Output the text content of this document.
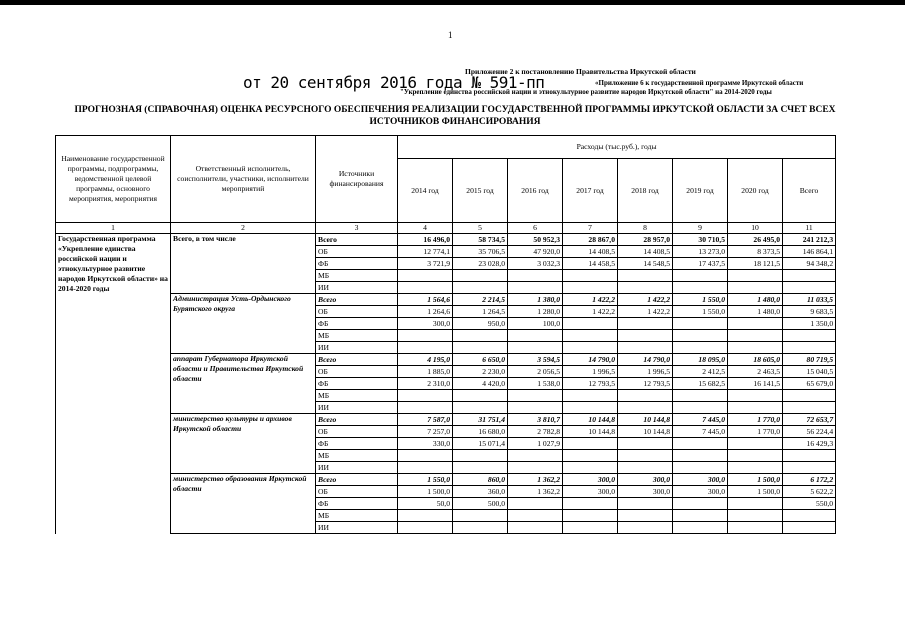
1
Приложение 2 к постановлению Правительства Иркутской области
от 20 сентября 2016 года № 591-пп	«Приложение 6 к государственной программе Иркутской области
"Укрепление единства российской нации и этнокультурное развитие народов Иркутской области" на 2014-2020 годы
ПРОГНОЗНАЯ (СПРАВОЧНАЯ) ОЦЕНКА РЕСУРСНОГО ОБЕСПЕЧЕНИЯ РЕАЛИЗАЦИИ ГОСУДАРСТВЕННОЙ ПРОГРАММЫ ИРКУТСКОЙ ОБЛАСТИ ЗА СЧЕТ ВСЕХ ИСТОЧНИКОВ ФИНАНСИРОВАНИЯ
Наименование государственной программы, подпрограммы, ведомственной целевой программы, основного мероприятия, мероприятия	Ответственный исполнитель, соисполнители, участники, исполнители мероприятий	Источники финансирования	Расходы (тыс.руб.), годы							
			2014 год	2015 год	2016 год	2017 год	2018 год	2019 год	2020 год	Всего
1	2	3	4	5	6	7	8	9	10	11
Государственная программа «Укрепление единства российской нации и этнокультурное развитие народов Иркутской области» на 2014-2020 годы	Всего, в том числе	Всего	16 496,0	58 734,5	50 952,3	28 867,0	28 957,0	30 710,5	26 495,0	241 212,3
		ОБ	12 774,1	35 706,5	47 920,0	14 408,5	14 408,5	13 273,0	8 373,5	146 864,1
		ФБ	3 721,9	23 028,0	3 032,3	14 458,5	14 548,5	17 437,5	18 121,5	94 348,2
		МБ								
		ИИ								
	Администрация Усть-Ордынского Бурятского округа	Всего	1 564,6	2 214,5	1 380,0	1 422,2	1 422,2	1 550,0	1 480,0	11 033,5
		ОБ	1 264,6	1 264,5	1 280,0	1 422,2	1 422,2	1 550,0	1 480,0	9 683,5
		ФБ	300,0	950,0	100,0					1 350,0
		МБ								
		ИИ								
	аппарат Губернатора Иркутской области и Правительства Иркутской области	Всего	4 195,0	6 650,0	3 594,5	14 790,0	14 790,0	18 095,0	18 605,0	80 719,5
		ОБ	1 885,0	2 230,0	2 056,5	1 996,5	1 996,5	2 412,5	2 463,5	15 040,5
		ФБ	2 310,0	4 420,0	1 538,0	12 793,5	12 793,5	15 682,5	16 141,5	65 679,0
		МБ								
		ИИ								
	министерство культуры и архивов Иркутской области	Всего	7 587,0	31 751,4	3 810,7	10 144,8	10 144,8	7 445,0	1 770,0	72 653,7
		ОБ	7 257,0	16 680,0	2 782,8	10 144,8	10 144,8	7 445,0	1 770,0	56 224,4
		ФБ	330,0	15 071,4	1 027,9					16 429,3
		МБ								
		ИИ								
	министерство образования Иркутской области	Всего	1 550,0	860,0	1 362,2	300,0	300,0	300,0	1 500,0	6 172,2
		ОБ	1 500,0	360,0	1 362,2	300,0	300,0	300,0	1 500,0	5 622,2
		ФБ	50,0	500,0						550,0
		МБ								
		ИИ								
